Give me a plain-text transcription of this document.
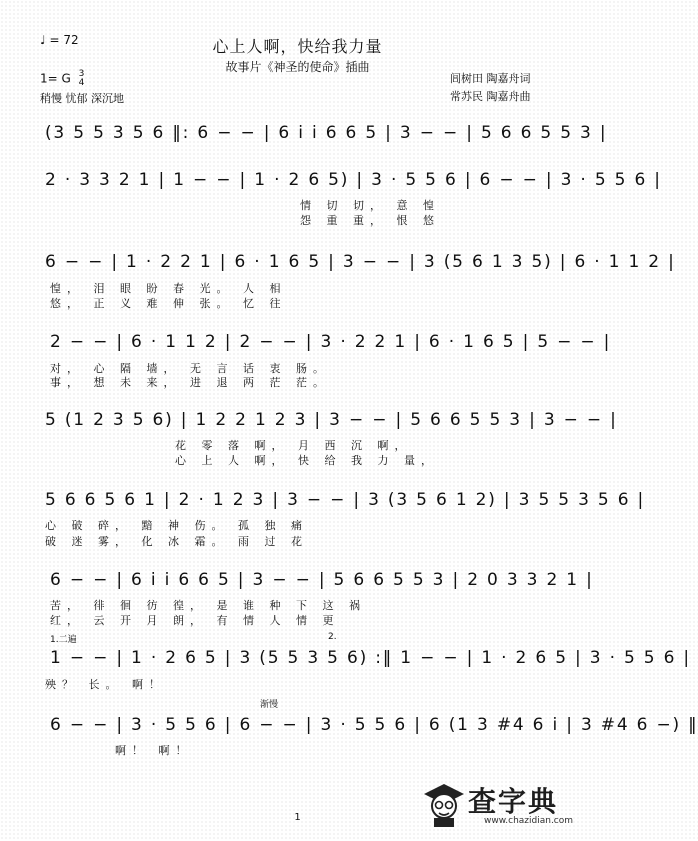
♩ = 72	心上人啊，快给我力量
故事片《神圣的使命》插曲
1= G 3
4
稍慢 忧郁 深沉地
闾树田 陶嘉舟词
常苏民 陶嘉舟曲
(3 5 5 3 5 6 ‖: 6 − − | 6 i i 6 6 5 | 3 − − | 5 6 6 5 5 3 |
2 · 3 3 2 1 | 1 − − | 1 · 2 6 5) | 3 · 5 5 6 | 6 − − | 3 · 5 5 6 |
情 切 切， 意 惶
怨 重 重， 恨 悠
6 − − | 1 · 2 2 1 | 6 · 1 6 5 | 3 − − | 3 (5 6 1 3 5) | 6 · 1 1 2 |
惶， 泪 眼 盼 春 光。 人 相
悠， 正 义 难 伸 张。 忆 往
2 − − | 6 · 1 1 2 | 2 − − | 3 · 2 2 1 | 6 · 1 6 5 | 5 − − |
对， 心 隔 墙， 无 言 话 衷 肠。
事， 想 未 来， 进 退 两 茫 茫。
5 (1 2 3 5 6) | 1 2 2 1 2 3 | 3 − − | 5 6 6 5 5 3 | 3 − − |
花 零 落 啊， 月 西 沉 啊，
心 上 人 啊， 快 给 我 力 量，
5 6 6 5 6 1 | 2 · 1 2 3 | 3 − − | 3 (3 5 6 1 2) | 3 5 5 3 5 6 |
心 破 碎， 黯 神 伤。 孤 独 痛
破 迷 雾， 化 冰 霜。 雨 过 花
6 − − | 6 i i 6 6 5 | 3 − − | 5 6 6 5 5 3 | 2 0 3 3 2 1 |
苦， 徘 徊 彷 徨， 是 谁 种 下 这 祸
红， 云 开 月 朗， 有 情 人 情 更
1.二遍	2.
1 − − | 1 · 2 6 5 | 3 (5 5 3 5 6) :‖ 1 − − | 1 · 2 6 5 | 3 · 5 5 6 |
殃？ 长。 啊！
渐慢
6 − − | 3 · 5 5 6 | 6 − − | 3 · 5 5 6 | 6 (1 3 #4 6 i | 3 #4 6 −) ‖
啊！ 啊！
1	查字典
www.chazidian.com
